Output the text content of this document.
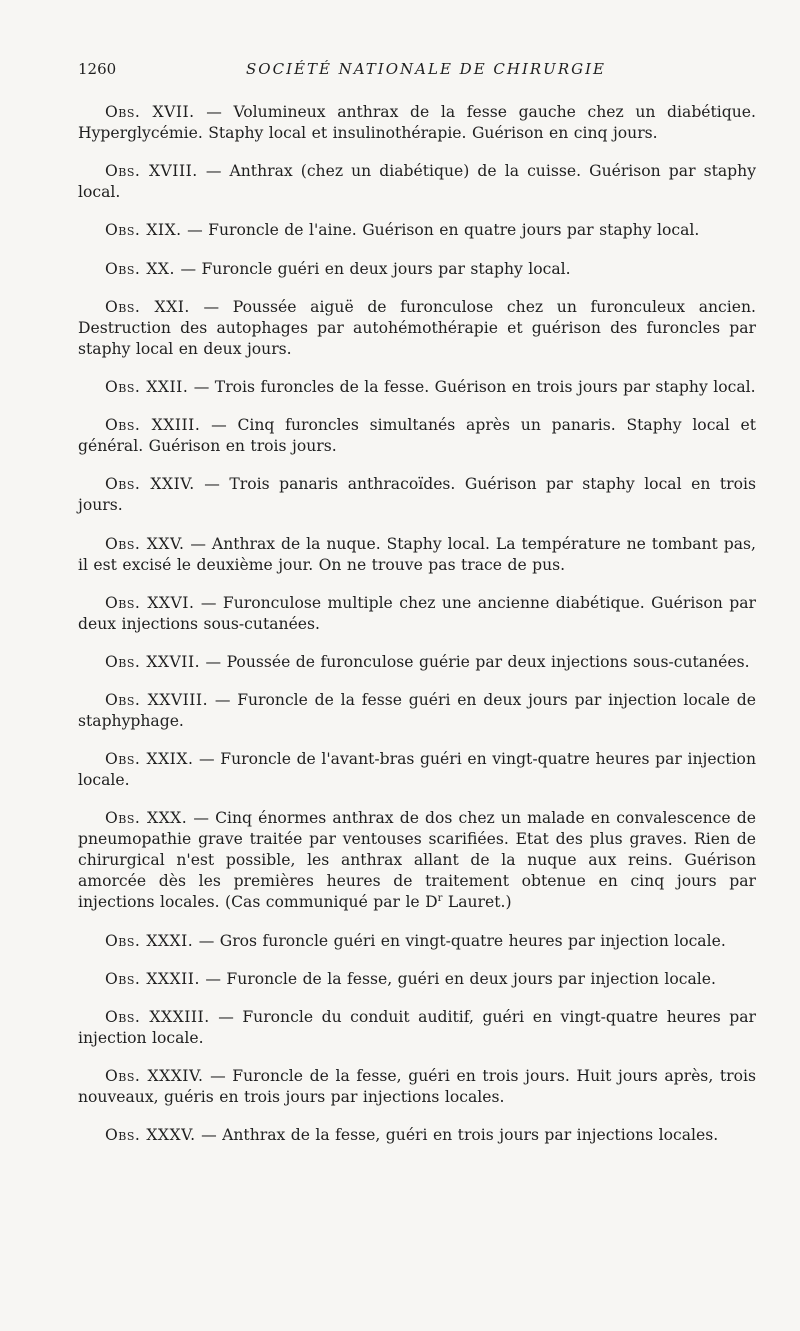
1260	SOCIÉTÉ NATIONALE DE CHIRURGIE

Obs. XVII. — Volumineux anthrax de la fesse gauche chez un diabétique. Hyperglycémie. Staphy local et insulinothérapie. Guérison en cinq jours.

Obs. XVIII. — Anthrax (chez un diabétique) de la cuisse. Guérison par staphy local.

Obs. XIX. — Furoncle de l'aine. Guérison en quatre jours par staphy local.

Obs. XX. — Furoncle guéri en deux jours par staphy local.

Obs. XXI. — Poussée aiguë de furonculose chez un furonculeux ancien. Destruction des autophages par autohémothérapie et guérison des furoncles par staphy local en deux jours.

Obs. XXII. — Trois furoncles de la fesse. Guérison en trois jours par staphy local.

Obs. XXIII. — Cinq furoncles simultanés après un panaris. Staphy local et général. Guérison en trois jours.

Obs. XXIV. — Trois panaris anthracoïdes. Guérison par staphy local en trois jours.

Obs. XXV. — Anthrax de la nuque. Staphy local. La température ne tombant pas, il est excisé le deuxième jour. On ne trouve pas trace de pus.

Obs. XXVI. — Furonculose multiple chez une ancienne diabétique. Guérison par deux injections sous-cutanées.

Obs. XXVII. — Poussée de furonculose guérie par deux injections sous-cutanées.

Obs. XXVIII. — Furoncle de la fesse guéri en deux jours par injection locale de staphyphage.

Obs. XXIX. — Furoncle de l'avant-bras guéri en vingt-quatre heures par injection locale.

Obs. XXX. — Cinq énormes anthrax de dos chez un malade en convalescence de pneumopathie grave traitée par ventouses scarifiées. Etat des plus graves. Rien de chirurgical n'est possible, les anthrax allant de la nuque aux reins. Guérison amorcée dès les premières heures de traitement obtenue en cinq jours par injections locales. (Cas communiqué par le $D^r$ Lauret.)

Obs. XXXI. — Gros furoncle guéri en vingt-quatre heures par injection locale.

Obs. XXXII. — Furoncle de la fesse, guéri en deux jours par injection locale.

Obs. XXXIII. — Furoncle du conduit auditif, guéri en vingt-quatre heures par injection locale.

Obs. XXXIV. — Furoncle de la fesse, guéri en trois jours. Huit jours après, trois nouveaux, guéris en trois jours par injections locales.

Obs. XXXV. — Anthrax de la fesse, guéri en trois jours par injections locales.
